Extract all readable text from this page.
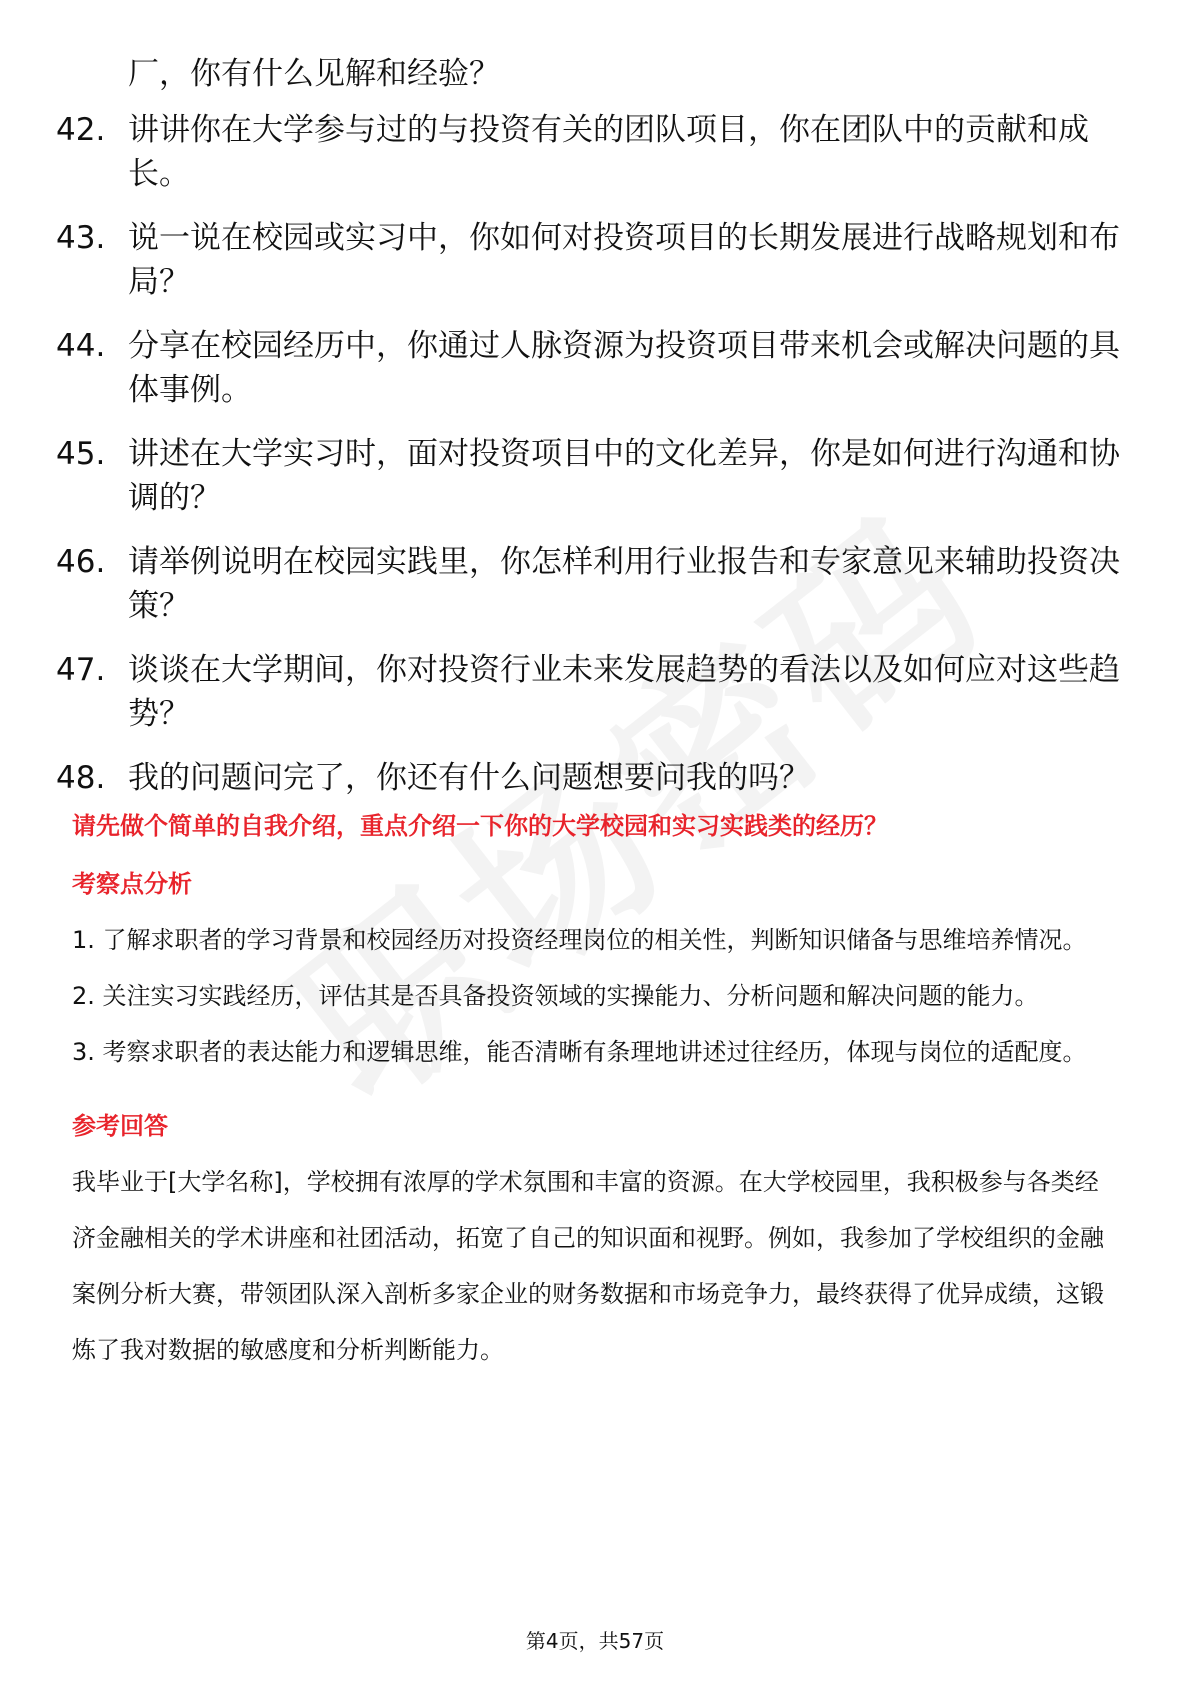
厂，你有什么见解和经验？
42. 讲讲你在大学参与过的与投资有关的团队项目，你在团队中的贡献和成长。
43. 说一说在校园或实习中，你如何对投资项目的长期发展进行战略规划和布局？
44. 分享在校园经历中，你通过人脉资源为投资项目带来机会或解决问题的具体事例。
45. 讲述在大学实习时，面对投资项目中的文化差异，你是如何进行沟通和协调的？
46. 请举例说明在校园实践里，你怎样利用行业报告和专家意见来辅助投资决策？
47. 谈谈在大学期间，你对投资行业未来发展趋势的看法以及如何应对这些趋势？
48. 我的问题问完了，你还有什么问题想要问我的吗？
请先做个简单的自我介绍，重点介绍一下你的大学校园和实习实践类的经历？
考察点分析
1. 了解求职者的学习背景和校园经历对投资经理岗位的相关性，判断知识储备与思维培养情况。
2. 关注实习实践经历，评估其是否具备投资领域的实操能力、分析问题和解决问题的能力。
3. 考察求职者的表达能力和逻辑思维，能否清晰有条理地讲述过往经历，体现与岗位的适配度。
参考回答
我毕业于[大学名称]，学校拥有浓厚的学术氛围和丰富的资源。在大学校园里，我积极参与各类经济金融相关的学术讲座和社团活动，拓宽了自己的知识面和视野。例如，我参加了学校组织的金融案例分析大赛，带领团队深入剖析多家企业的财务数据和市场竞争力，最终获得了优异成绩，这锻炼了我对数据的敏感度和分析判断能力。
第4页，共57页
